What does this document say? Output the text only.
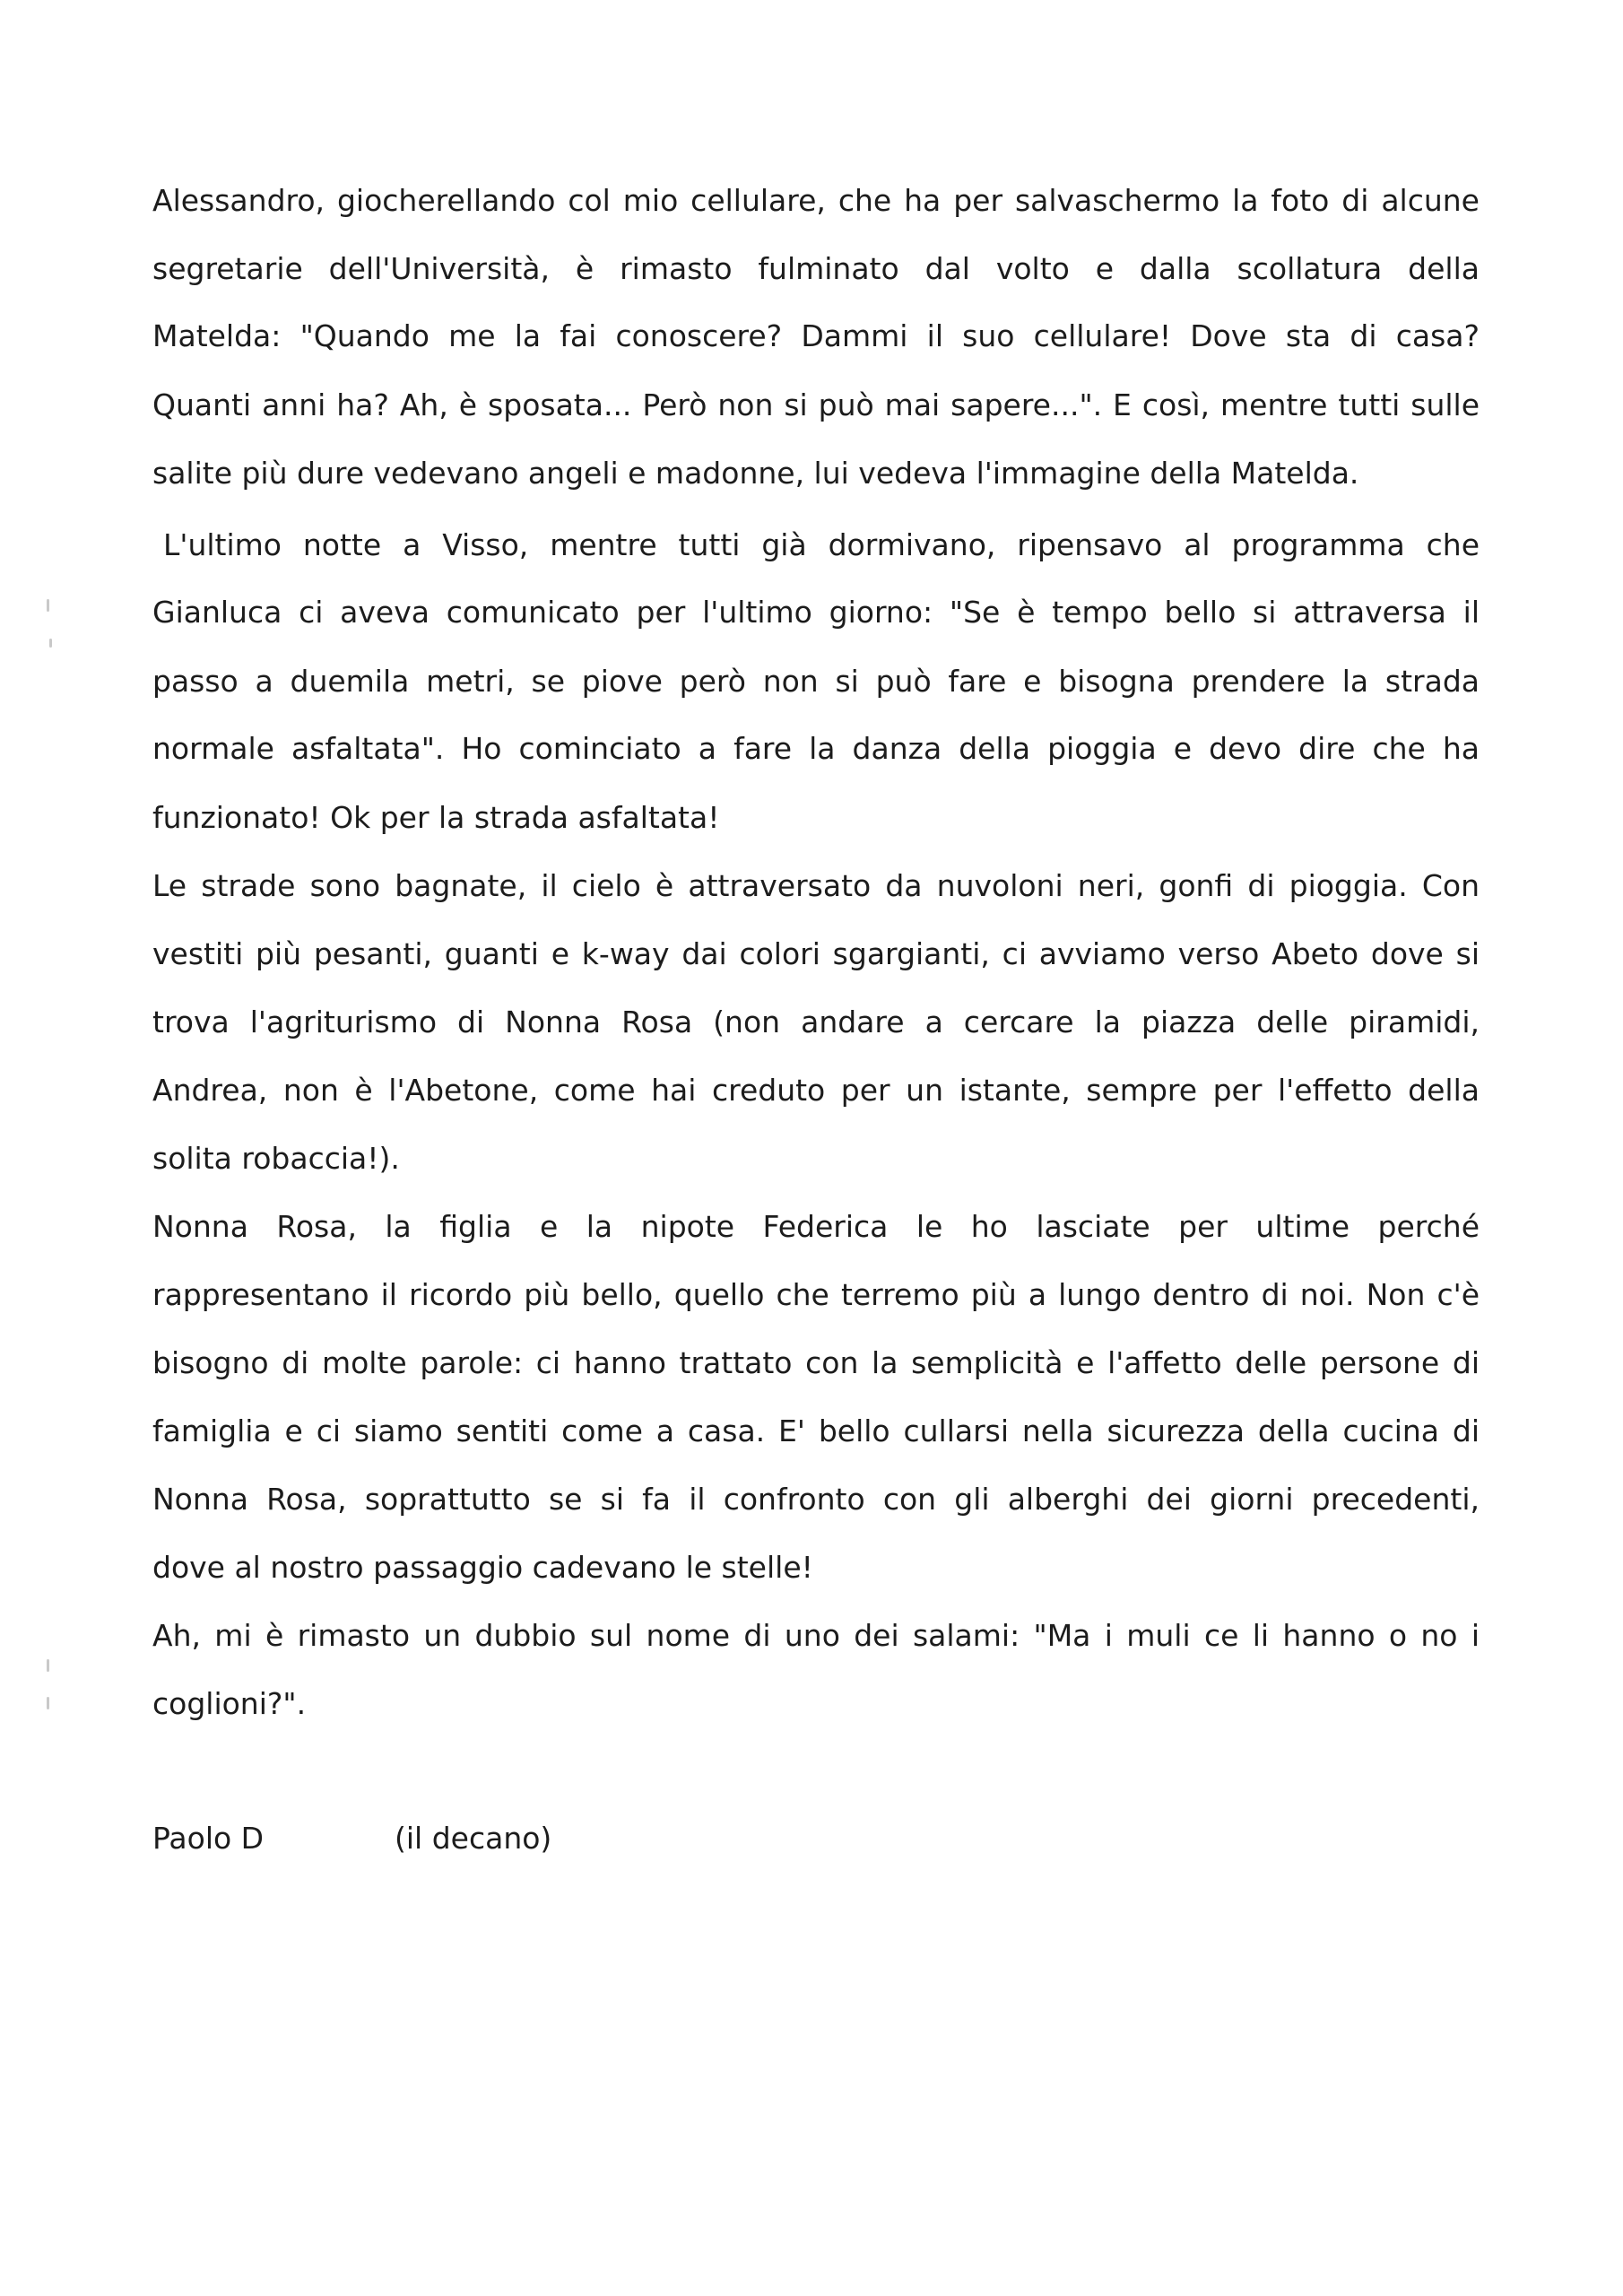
Alessandro, giocherellando col mio cellulare, che ha per salvaschermo la foto di alcune
segretarie dell'Università, è rimasto fulminato dal volto e dalla scollatura della
Matelda: "Quando me la fai conoscere? Dammi il suo cellulare! Dove sta di casa?
Quanti anni ha? Ah, è sposata... Però non si può mai sapere...". E così, mentre tutti sulle
salite più dure vedevano angeli e madonne, lui vedeva l'immagine della Matelda.
L'ultimo notte a Visso, mentre tutti già dormivano, ripensavo al programma che
Gianluca ci aveva comunicato per l'ultimo giorno: "Se è tempo bello si attraversa il
passo a duemila metri, se piove però non si può fare e bisogna prendere la strada
normale asfaltata". Ho cominciato a fare la danza della pioggia e devo dire che ha
funzionato! Ok per la strada asfaltata!
Le strade sono bagnate, il cielo è attraversato da nuvoloni neri, gonfi di pioggia. Con
vestiti più pesanti, guanti e k-way dai colori sgargianti, ci avviamo verso Abeto dove si
trova l'agriturismo di Nonna Rosa (non andare a cercare la piazza delle piramidi,
Andrea, non è l'Abetone, come hai creduto per un istante, sempre per l'effetto della
solita robaccia!).
Nonna Rosa, la figlia e la nipote Federica le ho lasciate per ultime perché
rappresentano il ricordo più bello, quello che terremo più a lungo dentro di noi. Non c'è
bisogno di molte parole: ci hanno trattato con la semplicità e l'affetto delle persone di
famiglia e ci siamo sentiti come a casa. E' bello cullarsi nella sicurezza della cucina di
Nonna Rosa, soprattutto se si fa il confronto con gli alberghi dei giorni precedenti,
dove al nostro passaggio cadevano le stelle!
Ah, mi è rimasto un dubbio sul nome di uno dei salami: "Ma i muli ce li hanno o no i
coglioni?".
Paolo D	(il decano)
